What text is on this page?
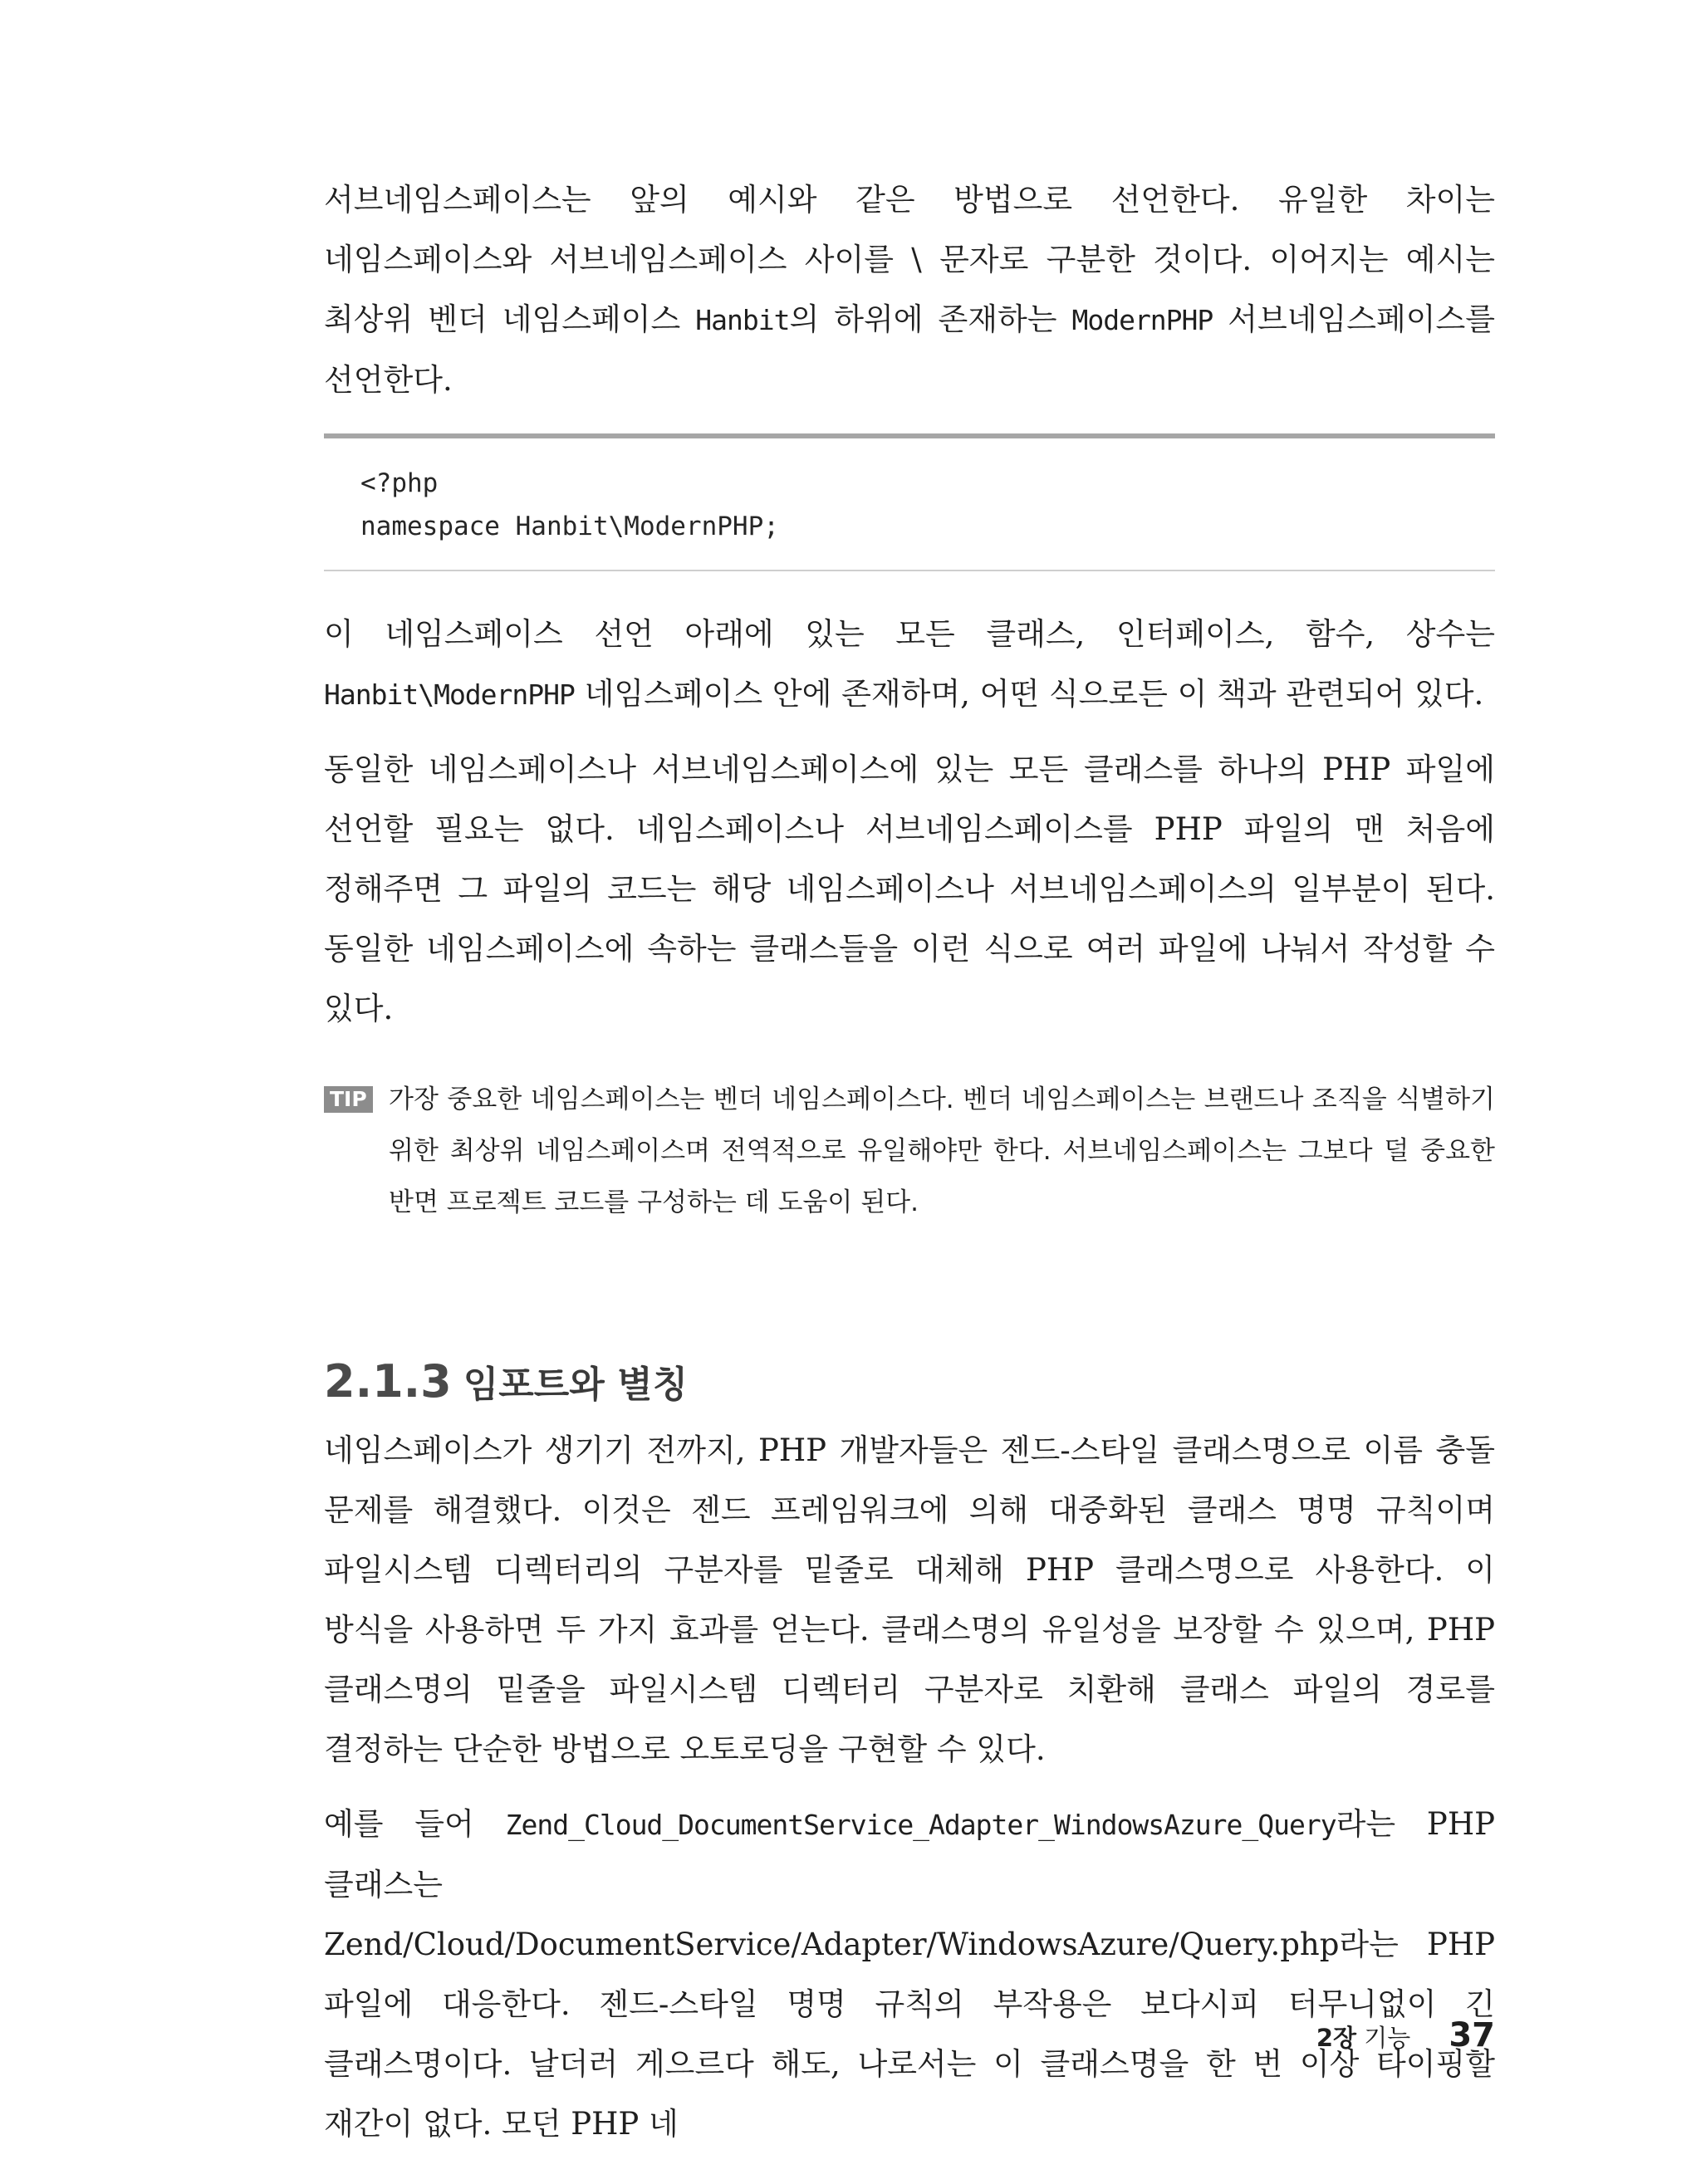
서브네임스페이스는 앞의 예시와 같은 방법으로 선언한다. 유일한 차이는 네임스페이스와 서브네임스페이스 사이를 \ 문자로 구분한 것이다. 이어지는 예시는 최상위 벤더 네임스페이스 Hanbit의 하위에 존재하는 ModernPHP 서브네임스페이스를 선언한다.

<?php
namespace Hanbit\ModernPHP;

이 네임스페이스 선언 아래에 있는 모든 클래스, 인터페이스, 함수, 상수는 Hanbit\ModernPHP 네임스페이스 안에 존재하며, 어떤 식으로든 이 책과 관련되어 있다.

동일한 네임스페이스나 서브네임스페이스에 있는 모든 클래스를 하나의 PHP 파일에 선언할 필요는 없다. 네임스페이스나 서브네임스페이스를 PHP 파일의 맨 처음에 정해주면 그 파일의 코드는 해당 네임스페이스나 서브네임스페이스의 일부분이 된다. 동일한 네임스페이스에 속하는 클래스들을 이런 식으로 여러 파일에 나눠서 작성할 수 있다.

TIP 가장 중요한 네임스페이스는 벤더 네임스페이스다. 벤더 네임스페이스는 브랜드나 조직을 식별하기 위한 최상위 네임스페이스며 전역적으로 유일해야만 한다. 서브네임스페이스는 그보다 덜 중요한 반면 프로젝트 코드를 구성하는 데 도움이 된다.
2.1.3 임포트와 별칭

네임스페이스가 생기기 전까지, PHP 개발자들은 젠드-스타일 클래스명으로 이름 충돌 문제를 해결했다. 이것은 젠드 프레임워크에 의해 대중화된 클래스 명명 규칙이며 파일시스템 디렉터리의 구분자를 밑줄로 대체해 PHP 클래스명으로 사용한다. 이 방식을 사용하면 두 가지 효과를 얻는다. 클래스명의 유일성을 보장할 수 있으며, PHP 클래스명의 밑줄을 파일시스템 디렉터리 구분자로 치환해 클래스 파일의 경로를 결정하는 단순한 방법으로 오토로딩을 구현할 수 있다.

예를 들어 Zend_Cloud_DocumentService_Adapter_WindowsAzure_Query라는 PHP 클래스는 Zend/Cloud/DocumentService/Adapter/WindowsAzure/Query.php라는 PHP 파일에 대응한다. 젠드-스타일 명명 규칙의 부작용은 보다시피 터무니없이 긴 클래스명이다. 날더러 게으르다 해도, 나로서는 이 클래스명을 한 번 이상 타이핑할 재간이 없다. 모던 PHP 네

2장 기능 37
